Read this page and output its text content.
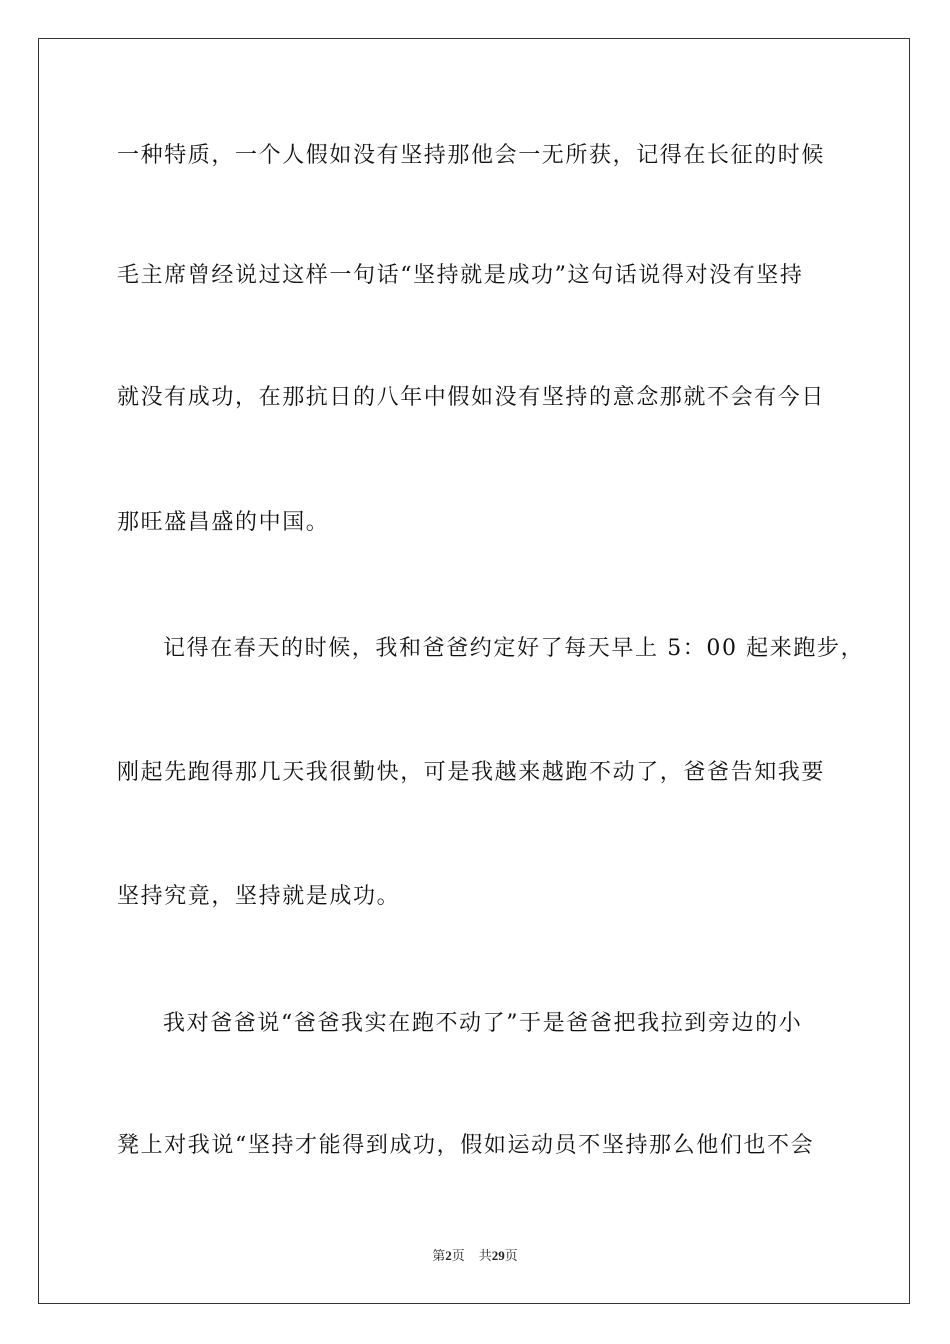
一种特质，一个人假如没有坚持那他会一无所获，记得在长征的时候
毛主席曾经说过这样一句话“坚持就是成功”这句话说得对没有坚持
就没有成功，在那抗日的八年中假如没有坚持的意念那就不会有今日
那旺盛昌盛的中国。
记得在春天的时候，我和爸爸约定好了每天早上 5：00 起来跑步，
刚起先跑得那几天我很勤快，可是我越来越跑不动了，爸爸告知我要
坚持究竟，坚持就是成功。
我对爸爸说“爸爸我实在跑不动了”于是爸爸把我拉到旁边的小
凳上对我说“坚持才能得到成功，假如运动员不坚持那么他们也不会
第2页 共29页
